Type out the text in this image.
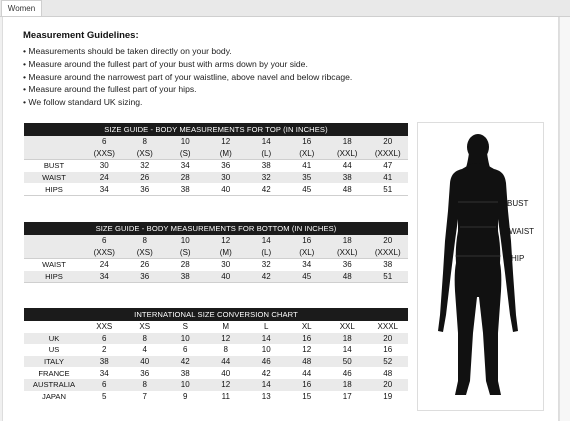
Women
Measurement Guidelines:
• Measurements should be taken directly on your body.
• Measure around the fullest part of your bust with arms down by your side.
• Measure around the narrowest part of your waistline, above navel and below ribcage.
• Measure around the fullest part of your hips.
• We follow standard UK sizing.
SIZE GUIDE - BODY MEASUREMENTS FOR TOP (IN INCHES)								
	6	8	10	12	14	16	18	20
	(XXS)	(XS)	(S)	(M)	(L)	(XL)	(XXL)	(XXXL)
BUST	30	32	34	36	38	41	44	47
WAIST	24	26	28	30	32	35	38	41
HIPS	34	36	38	40	42	45	48	51
SIZE GUIDE - BODY MEASUREMENTS FOR BOTTOM (IN INCHES)								
	6	8	10	12	14	16	18	20
	(XXS)	(XS)	(S)	(M)	(L)	(XL)	(XXL)	(XXXL)
WAIST	24	26	28	30	32	34	36	38
HIPS	34	36	38	40	42	45	48	51
INTERNATIONAL SIZE CONVERSION CHART								
	XXS	XS	S	M	L	XL	XXL	XXXL
UK	6	8	10	12	14	16	18	20
US	2	4	6	8	10	12	14	16
ITALY	38	40	42	44	46	48	50	52
FRANCE	34	36	38	40	42	44	46	48
AUSTRALIA	6	8	10	12	14	16	18	20
JAPAN	5	7	9	11	13	15	17	19
BUST
WAIST
HIP
